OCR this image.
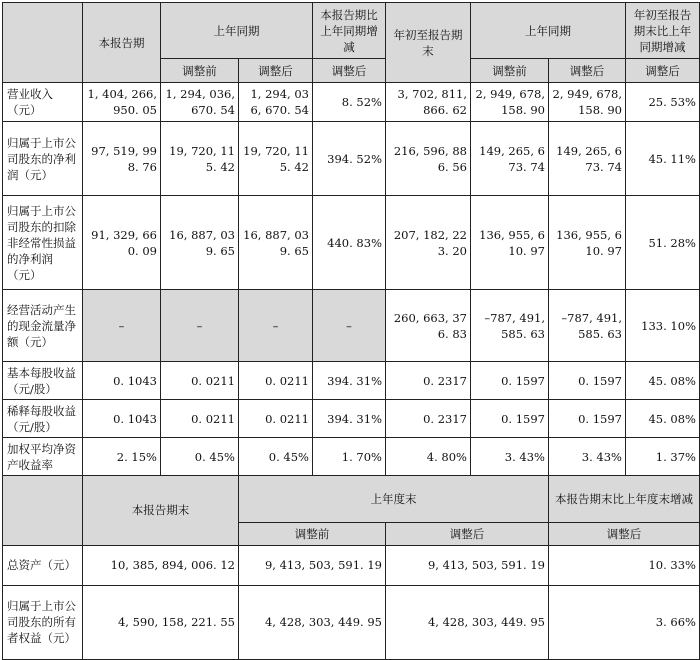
	本报告期	上年同期		本报告期比上年同期增减	年初至报告期末	上年同期		年初至报告期末比上年同期增减
		调整前	调整后	调整后		调整前	调整后	调整后
营业收入（元）	1, 404, 266, 950. 05	1, 294, 036, 670. 54	1, 294, 036, 670. 54	8. 52%	3, 702, 811, 866. 62	2, 949, 678, 158. 90	2, 949, 678, 158. 90	25. 53%
归属于上市公司股东的净利润（元）	97, 519, 998. 76	19, 720, 115. 42	19, 720, 115. 42	394. 52%	216, 596, 886. 56	149, 265, 673. 74	149, 265, 673. 74	45. 11%
归属于上市公司股东的扣除非经常性损益的净利润（元）	91, 329, 660. 09	16, 887, 039. 65	16, 887, 039. 65	440. 83%	207, 182, 223. 20	136, 955, 610. 97	136, 955, 610. 97	51. 28%
经营活动产生的现金流量净额（元）	–	–	–	–	260, 663, 376. 83	–787, 491, 585. 63	–787, 491, 585. 63	133. 10%
基本每股收益（元/股）	0. 1043	0. 0211	0. 0211	394. 31%	0. 2317	0. 1597	0. 1597	45. 08%
稀释每股收益（元/股）	0. 1043	0. 0211	0. 0211	394. 31%	0. 2317	0. 1597	0. 1597	45. 08%
加权平均净资产收益率	2. 15%	0. 45%	0. 45%	1. 70%	4. 80%	3. 43%	3. 43%	1. 37%
	本报告期末	上年度末		本报告期末比上年度末增减
		调整前	调整后	调整后
总资产（元）	10, 385, 894, 006. 12	9, 413, 503, 591. 19	9, 413, 503, 591. 19	10. 33%
归属于上市公司股东的所有者权益（元）	4, 590, 158, 221. 55	4, 428, 303, 449. 95	4, 428, 303, 449. 95	3. 66%
